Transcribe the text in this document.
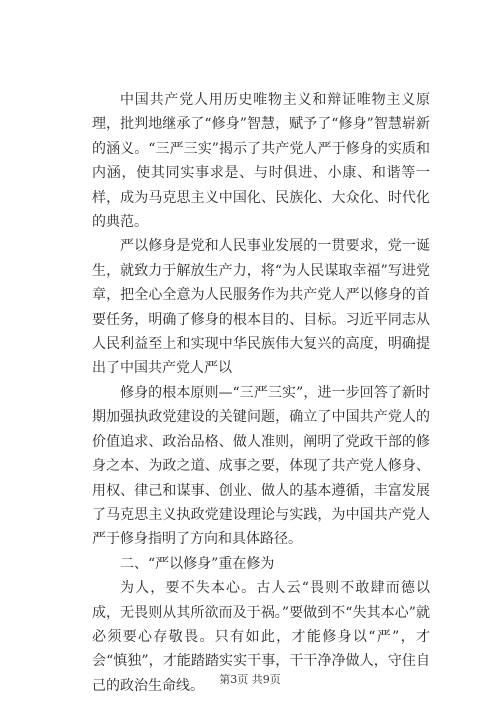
中国共产党人用历史唯物主义和辩证唯物主义原理，批判地继承了“修身”智慧，赋予了“修身”智慧崭新的涵义。“三严三实”揭示了共产党人严于修身的实质和内涵，使其同实事求是、与时俱进、小康、和谐等一样，成为马克思主义中国化、民族化、大众化、时代化的典范。

严以修身是党和人民事业发展的一贯要求，党一诞生，就致力于解放生产力，将“为人民谋取幸福”写进党章，把全心全意为人民服务作为共产党人严以修身的首要任务，明确了修身的根本目的、目标。习近平同志从人民利益至上和实现中华民族伟大复兴的高度，明确提出了中国共产党人严以

修身的根本原则—“三严三实”，进一步回答了新时期加强执政党建设的关键问题，确立了中国共产党人的价值追求、政治品格、做人准则，阐明了党政干部的修身之本、为政之道、成事之要，体现了共产党人修身、用权、律己和谋事、创业、做人的基本遵循，丰富发展了马克思主义执政党建设理论与实践，为中国共产党人严于修身指明了方向和具体路径。

二、“严以修身”重在修为

为人，要不失本心。古人云“畏则不敢肆而德以成，无畏则从其所欲而及于祸。”要做到不“失其本心”就必须要心存敬畏。只有如此，才能修身以“严”，才会“慎独”，才能踏踏实实干事，干干净净做人，守住自己的政治生命线。	第3页 共9页
